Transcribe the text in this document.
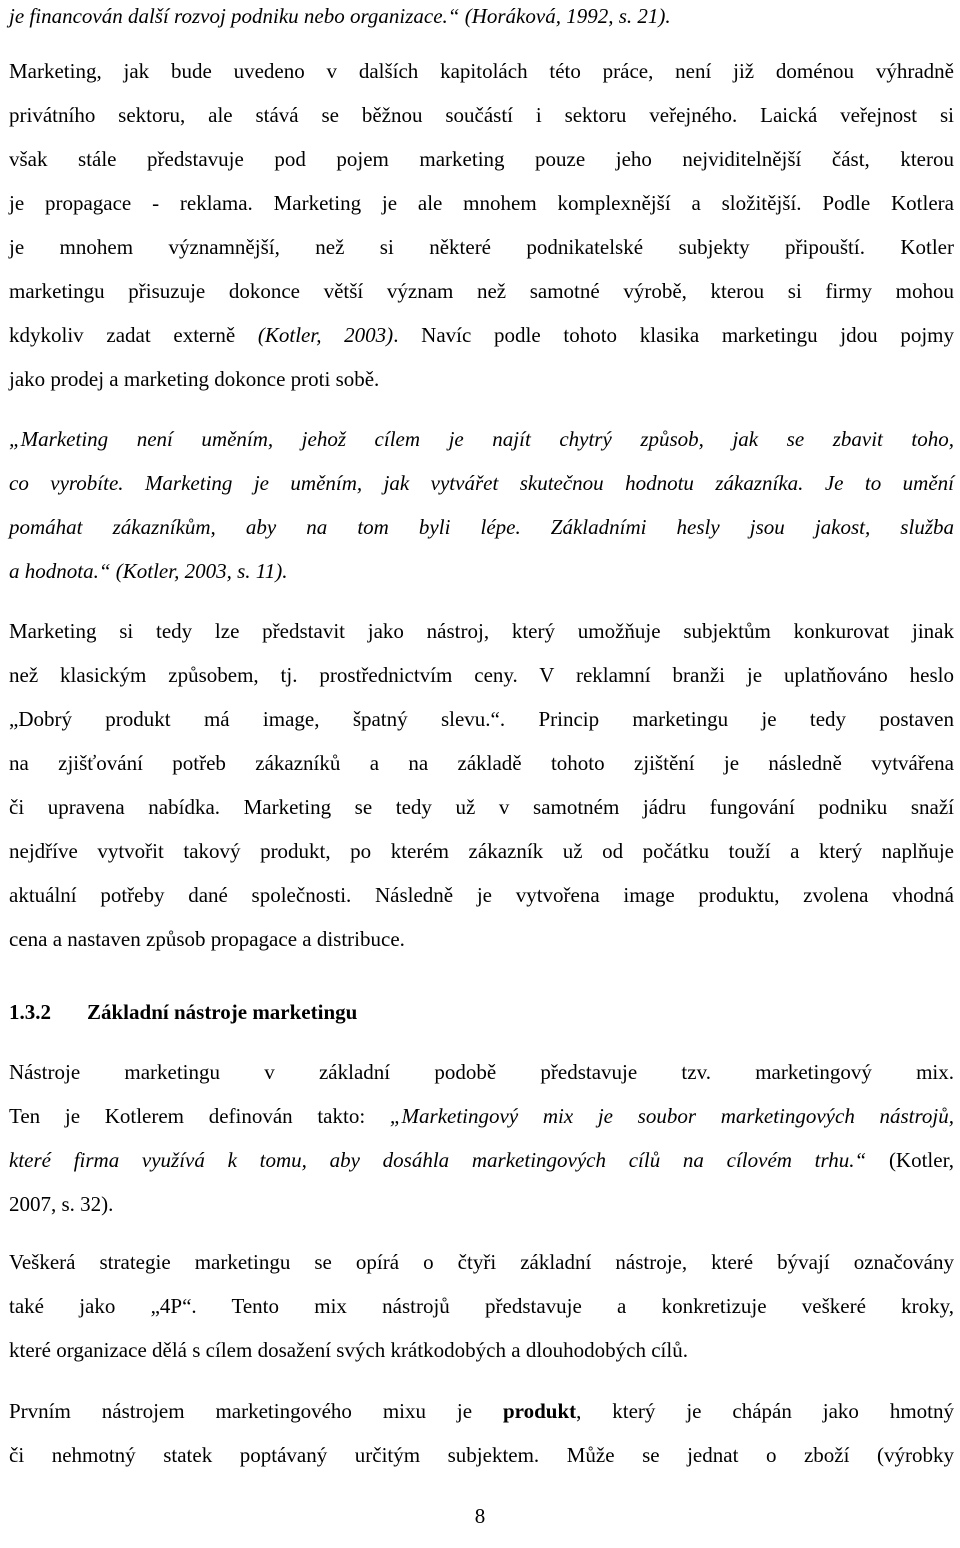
je financován další rozvoj podniku nebo organizace.“ (Horáková, 1992, s. 21).
Marketing, jak bude uvedeno v dalších kapitolách této práce, není již doménou výhradně
privátního sektoru, ale stává se běžnou součástí i sektoru veřejného. Laická veřejnost si
však stále představuje pod pojem marketing pouze jeho nejviditelnější část, kterou
je propagace - reklama. Marketing je ale mnohem komplexnější a složitější. Podle Kotlera
je mnohem významnější, než si některé podnikatelské subjekty připouští. Kotler
marketingu přisuzuje dokonce větší význam než samotné výrobě, kterou si firmy mohou
kdykoliv zadat externě (Kotler, 2003). Navíc podle tohoto klasika marketingu jdou pojmy
jako prodej a marketing dokonce proti sobě.
„Marketing není uměním, jehož cílem je najít chytrý způsob, jak se zbavit toho,
co vyrobíte. Marketing je uměním, jak vytvářet skutečnou hodnotu zákazníka. Je to umění
pomáhat zákazníkům, aby na tom byli lépe. Základními hesly jsou jakost, služba
a hodnota.“ (Kotler, 2003, s. 11).
Marketing si tedy lze představit jako nástroj, který umožňuje subjektům konkurovat jinak
než klasickým způsobem, tj. prostřednictvím ceny. V reklamní branži je uplatňováno heslo
„Dobrý produkt má image, špatný slevu.“. Princip marketingu je tedy postaven
na zjišťování potřeb zákazníků a na základě tohoto zjištění je následně vytvářena
či upravena nabídka. Marketing se tedy už v samotném jádru fungování podniku snaží
nejdříve vytvořit takový produkt, po kterém zákazník už od počátku touží a který naplňuje
aktuální potřeby dané společnosti. Následně je vytvořena image produktu, zvolena vhodná
cena a nastaven způsob propagace a distribuce.
1.3.2 Základní nástroje marketingu
Nástroje marketingu v základní podobě představuje tzv. marketingový mix.
Ten je Kotlerem definován takto: „Marketingový mix je soubor marketingových nástrojů,
které firma využívá k tomu, aby dosáhla marketingových cílů na cílovém trhu.“ (Kotler,
2007, s. 32).
Veškerá strategie marketingu se opírá o čtyři základní nástroje, které bývají označovány
také jako „4P“. Tento mix nástrojů představuje a konkretizuje veškeré kroky,
které organizace dělá s cílem dosažení svých krátkodobých a dlouhodobých cílů.
Prvním nástrojem marketingového mixu je produkt, který je chápán jako hmotný
či nehmotný statek poptávaný určitým subjektem. Může se jednat o zboží (výrobky
8
